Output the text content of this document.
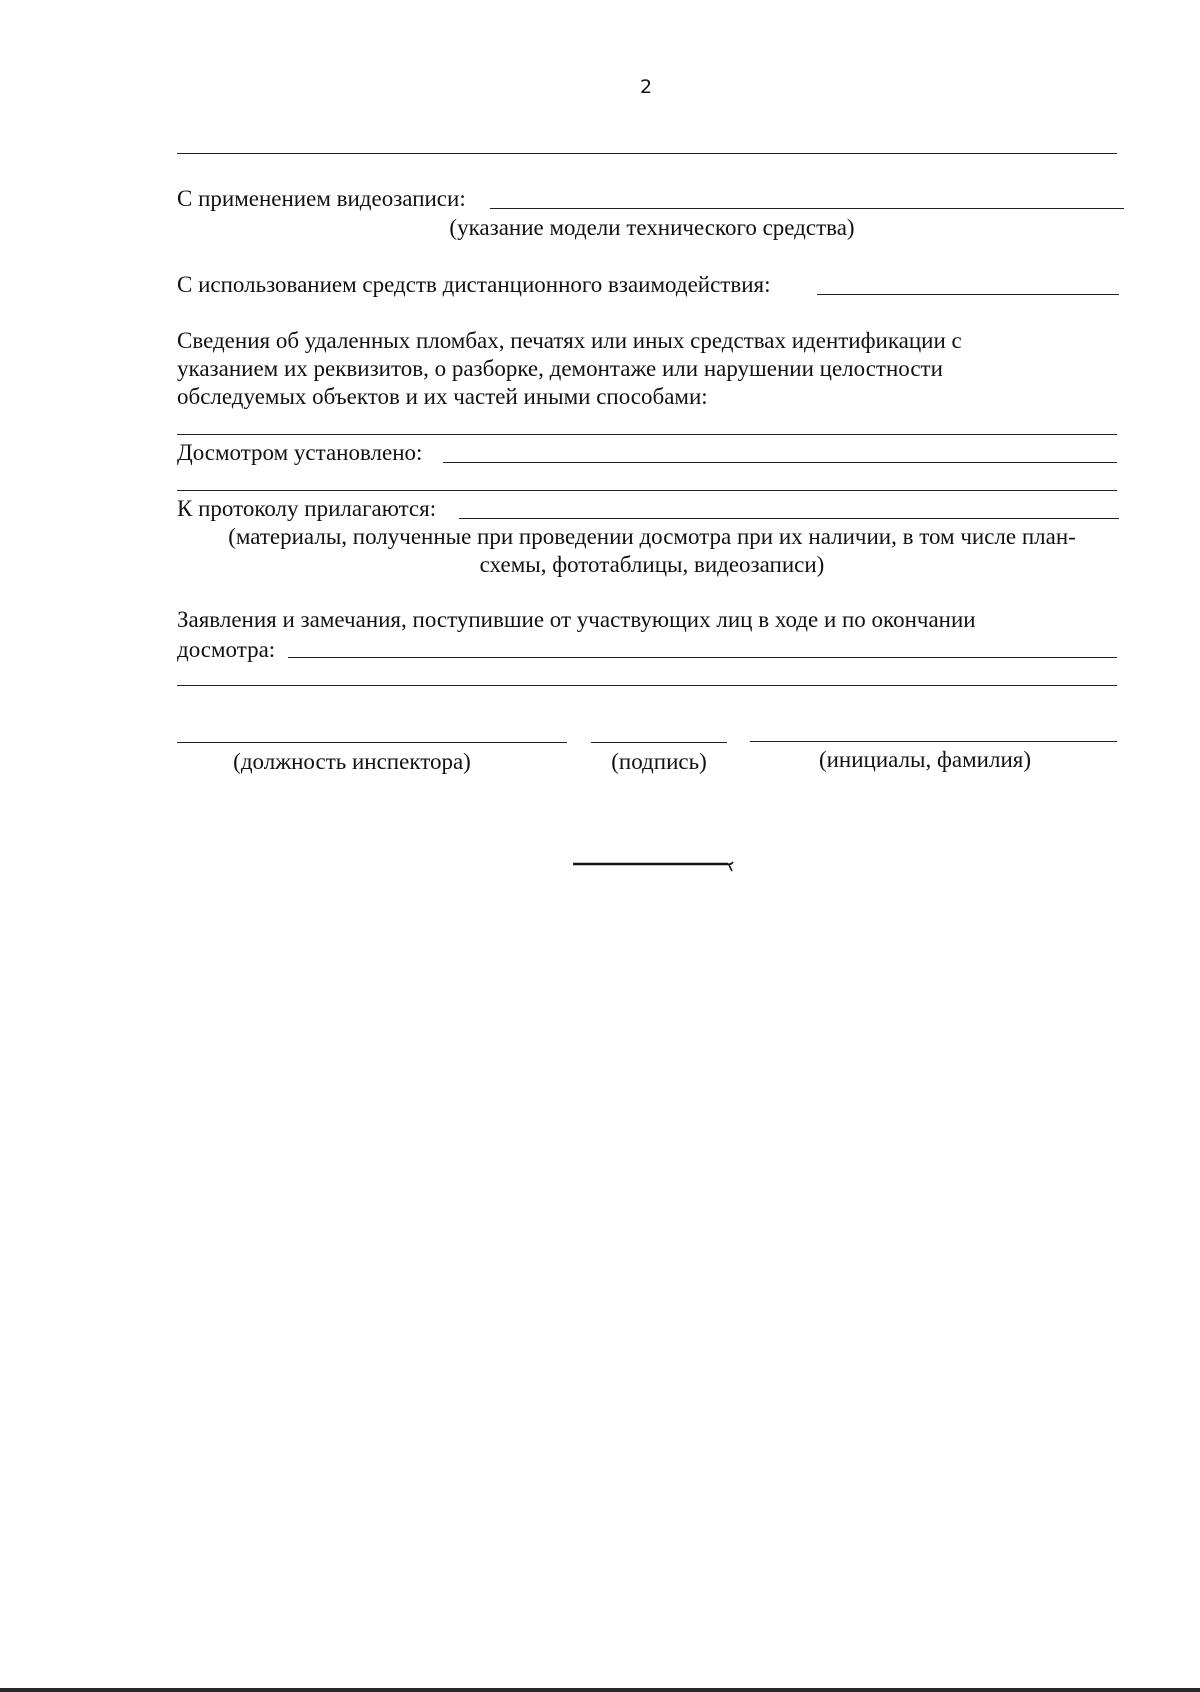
2
С применением видеозаписи:
(указание модели технического средства)
С использованием средств дистанционного взаимодействия:
Сведения об удаленных пломбах, печатях или иных средствах идентификации с
указанием их реквизитов, о разборке, демонтаже или нарушении целостности
обследуемых объектов и их частей иными способами:
Досмотром установлено:
К протоколу прилагаются:
(материалы, полученные при проведении досмотра при их наличии, в том числе план-
схемы, фототаблицы, видеозаписи)
Заявления и замечания, поступившие от участвующих лиц в ходе и по окончании
досмотра:
(должность инспектора)	(подпись)	(инициалы, фамилия)
